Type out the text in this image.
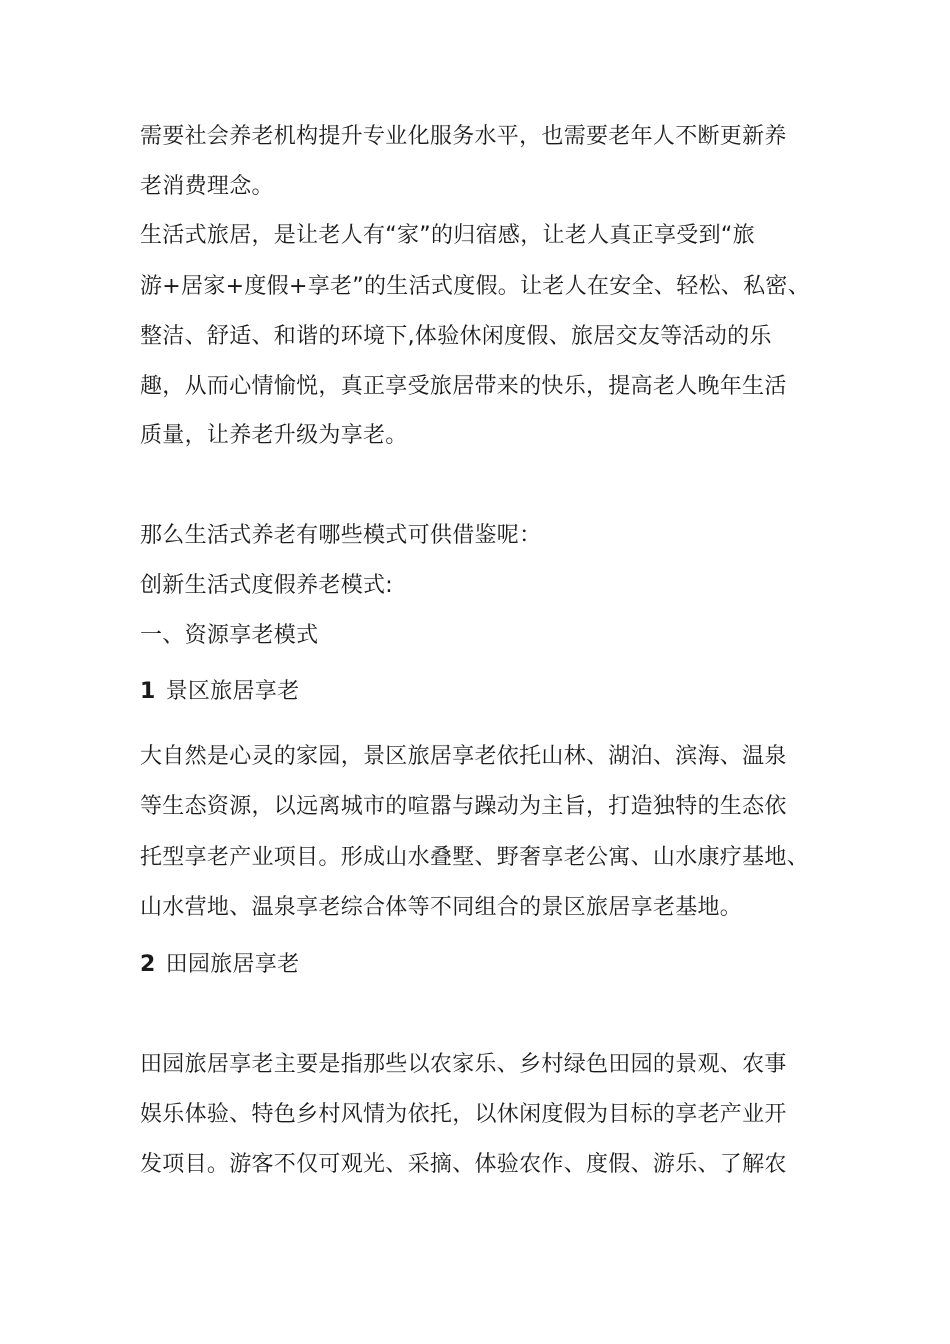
需要社会养老机构提升专业化服务水平，也需要老年人不断更新养
老消费理念。
生活式旅居，是让老人有“家”的归宿感，让老人真正享受到“旅
游+居家+度假+享老”的生活式度假。让老人在安全、轻松、私密、
整洁、舒适、和谐的环境下,体验休闲度假、旅居交友等活动的乐
趣，从而心情愉悦，真正享受旅居带来的快乐，提高老人晚年生活
质量，让养老升级为享老。
那么生活式养老有哪些模式可供借鉴呢：
创新生活式度假养老模式:
一、资源享老模式
1 景区旅居享老
大自然是心灵的家园，景区旅居享老依托山林、湖泊、滨海、温泉
等生态资源，以远离城市的喧嚣与躁动为主旨，打造独特的生态依
托型享老产业项目。形成山水叠墅、野奢享老公寓、山水康疗基地、
山水营地、温泉享老综合体等不同组合的景区旅居享老基地。
2 田园旅居享老
田园旅居享老主要是指那些以农家乐、乡村绿色田园的景观、农事
娱乐体验、特色乡村风情为依托，以休闲度假为目标的享老产业开
发项目。游客不仅可观光、采摘、体验农作、度假、游乐、了解农
